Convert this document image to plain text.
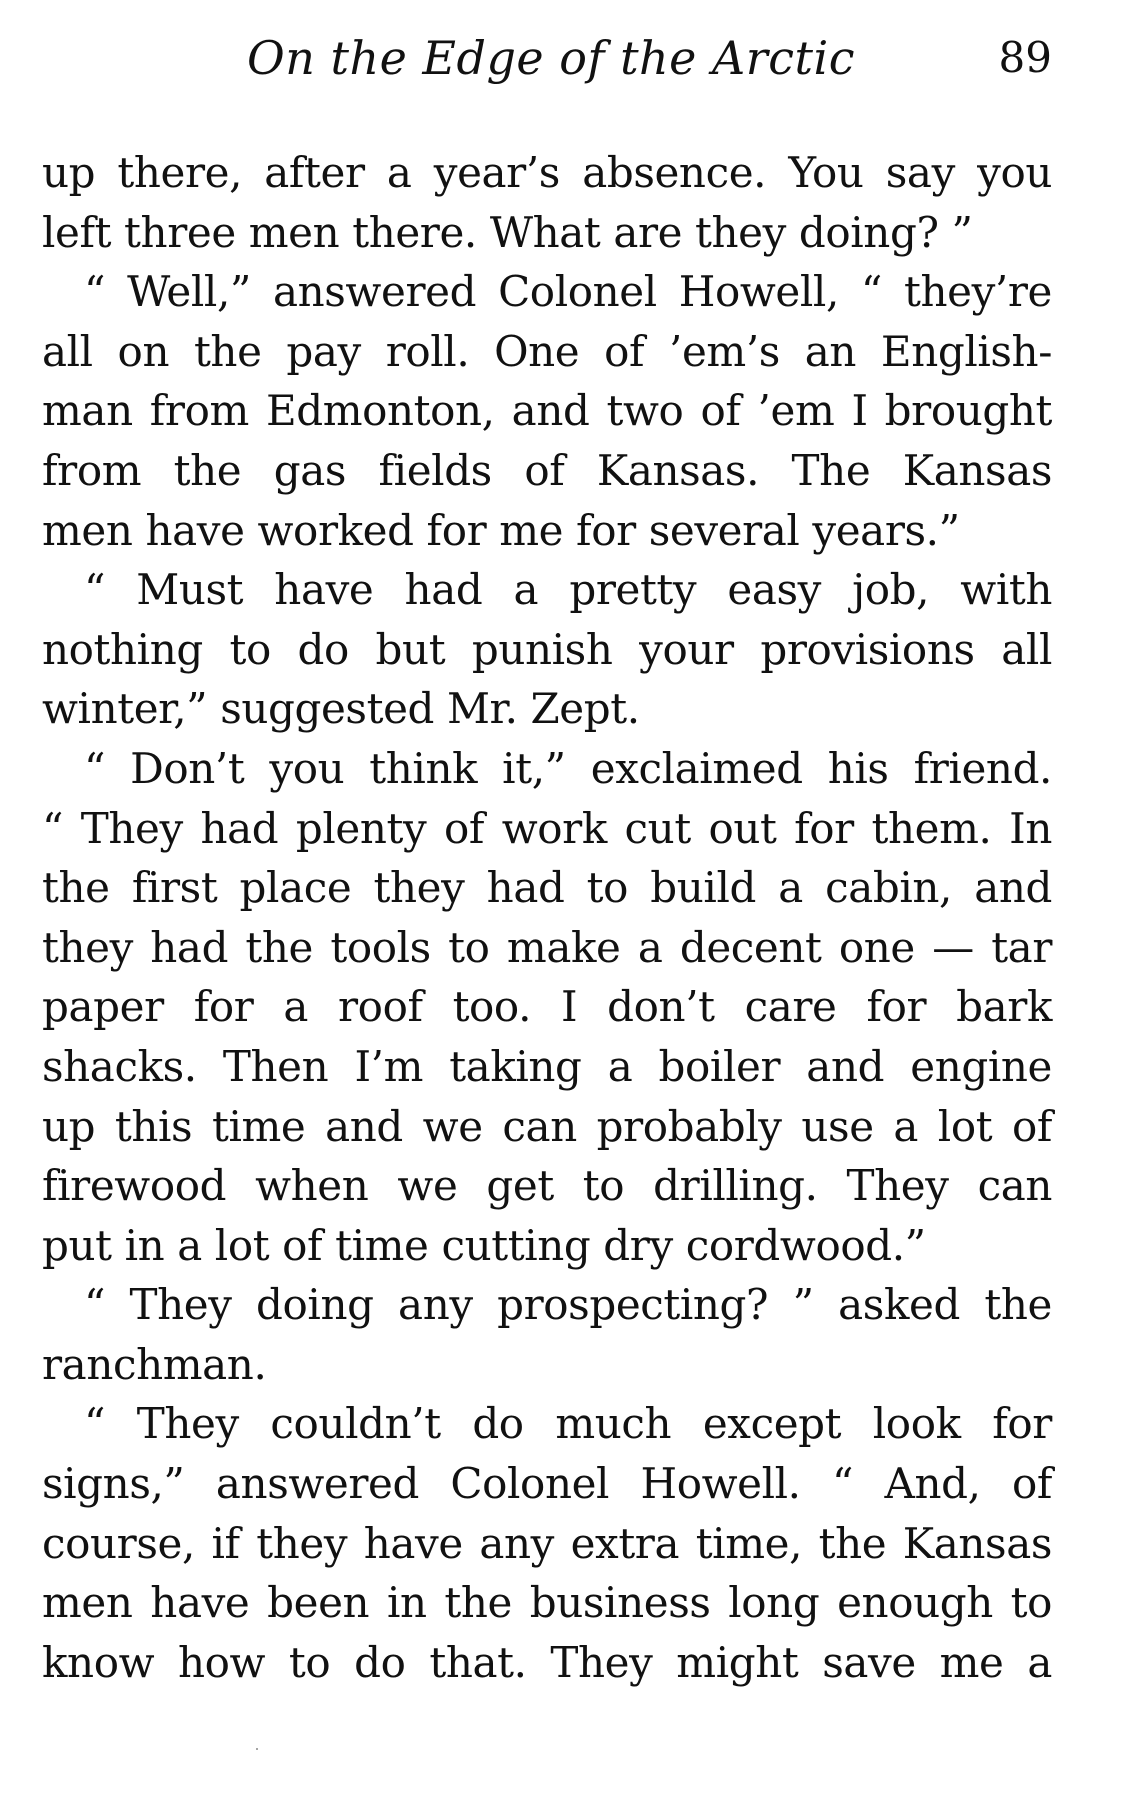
On the Edge of the Arctic	89
up there, after a year’s absence. You say you
left three men there. What are they doing? ”
“ Well,” answered Colonel Howell, “ they’re
all on the pay roll. One of ’em’s an English-
man from Edmonton, and two of ’em I brought
from the gas fields of Kansas. The Kansas
men have worked for me for several years.”
“ Must have had a pretty easy job, with
nothing to do but punish your provisions all
winter,” suggested Mr. Zept.
“ Don’t you think it,” exclaimed his friend.
“ They had plenty of work cut out for them. In
the first place they had to build a cabin, and
they had the tools to make a decent one — tar
paper for a roof too. I don’t care for bark
shacks. Then I’m taking a boiler and engine
up this time and we can probably use a lot of
firewood when we get to drilling. They can
put in a lot of time cutting dry cordwood.”
“ They doing any prospecting? ” asked the
ranchman.
“ They couldn’t do much except look for
signs,” answered Colonel Howell. “ And, of
course, if they have any extra time, the Kansas
men have been in the business long enough to
know how to do that. They might save me a
